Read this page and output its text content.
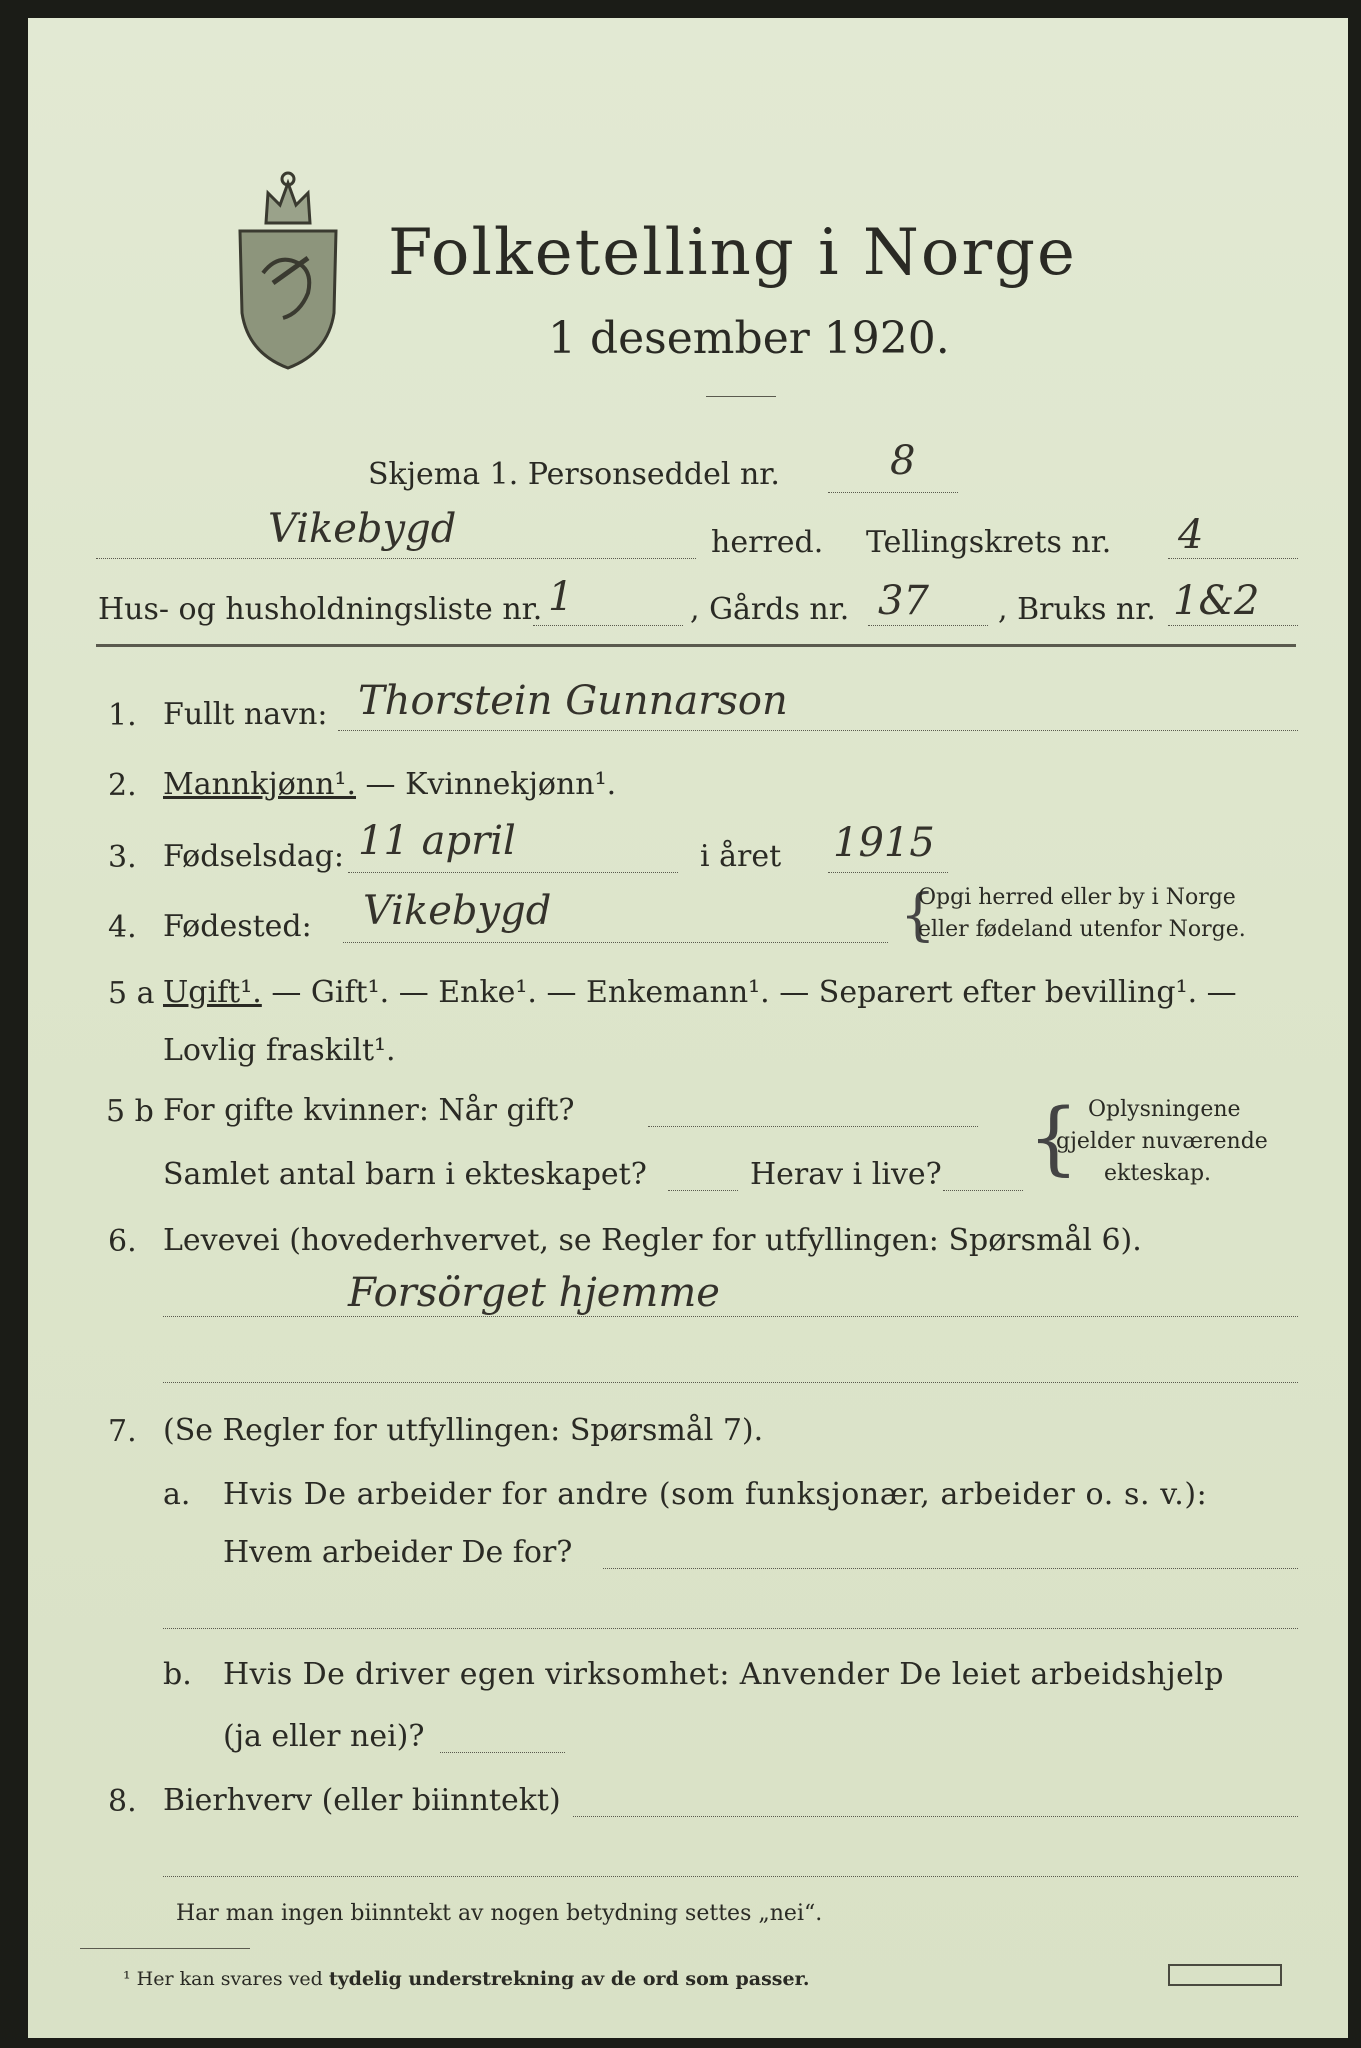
Folketelling i Norge
1 desember 1920.
Skjema 1. Personseddel nr.	8
Vikebygd	herred. Tellingskrets nr. 4
Hus- og husholdningsliste nr. 1	, Gårds nr. 37 , Bruks nr. 1&2
1. Fullt navn: Thorstein Gunnarson
2. Mannkjønn¹. — Kvinnekjønn¹.
3. Fødselsdag: 11 april	i året 1915
4. Fødested: Vikebygd	{
Opgi herred eller by i Norge
eller fødeland utenfor Norge.
5 a Ugift¹. — Gift¹. — Enke¹. — Enkemann¹. — Separert efter bevilling¹. —
Lovlig fraskilt¹.
5 b For gifte kvinner: Når gift?
Samlet antal barn i ekteskapet?	Herav i live? { Oplysningene
gjelder nuværende
ekteskap.
6. Levevei (hovederhvervet, se Regler for utfyllingen: Spørsmål 6).
Forsörget hjemme
7. (Se Regler for utfyllingen: Spørsmål 7).
a. Hvis De arbeider for andre (som funksjonær, arbeider o. s. v.):
Hvem arbeider De for?
b. Hvis De driver egen virksomhet: Anvender De leiet arbeidshjelp
(ja eller nei)?
8. Bierhverv (eller biinntekt)
Har man ingen biinntekt av nogen betydning settes „nei“.
¹ Her kan svares ved tydelig understrekning av de ord som passer.
